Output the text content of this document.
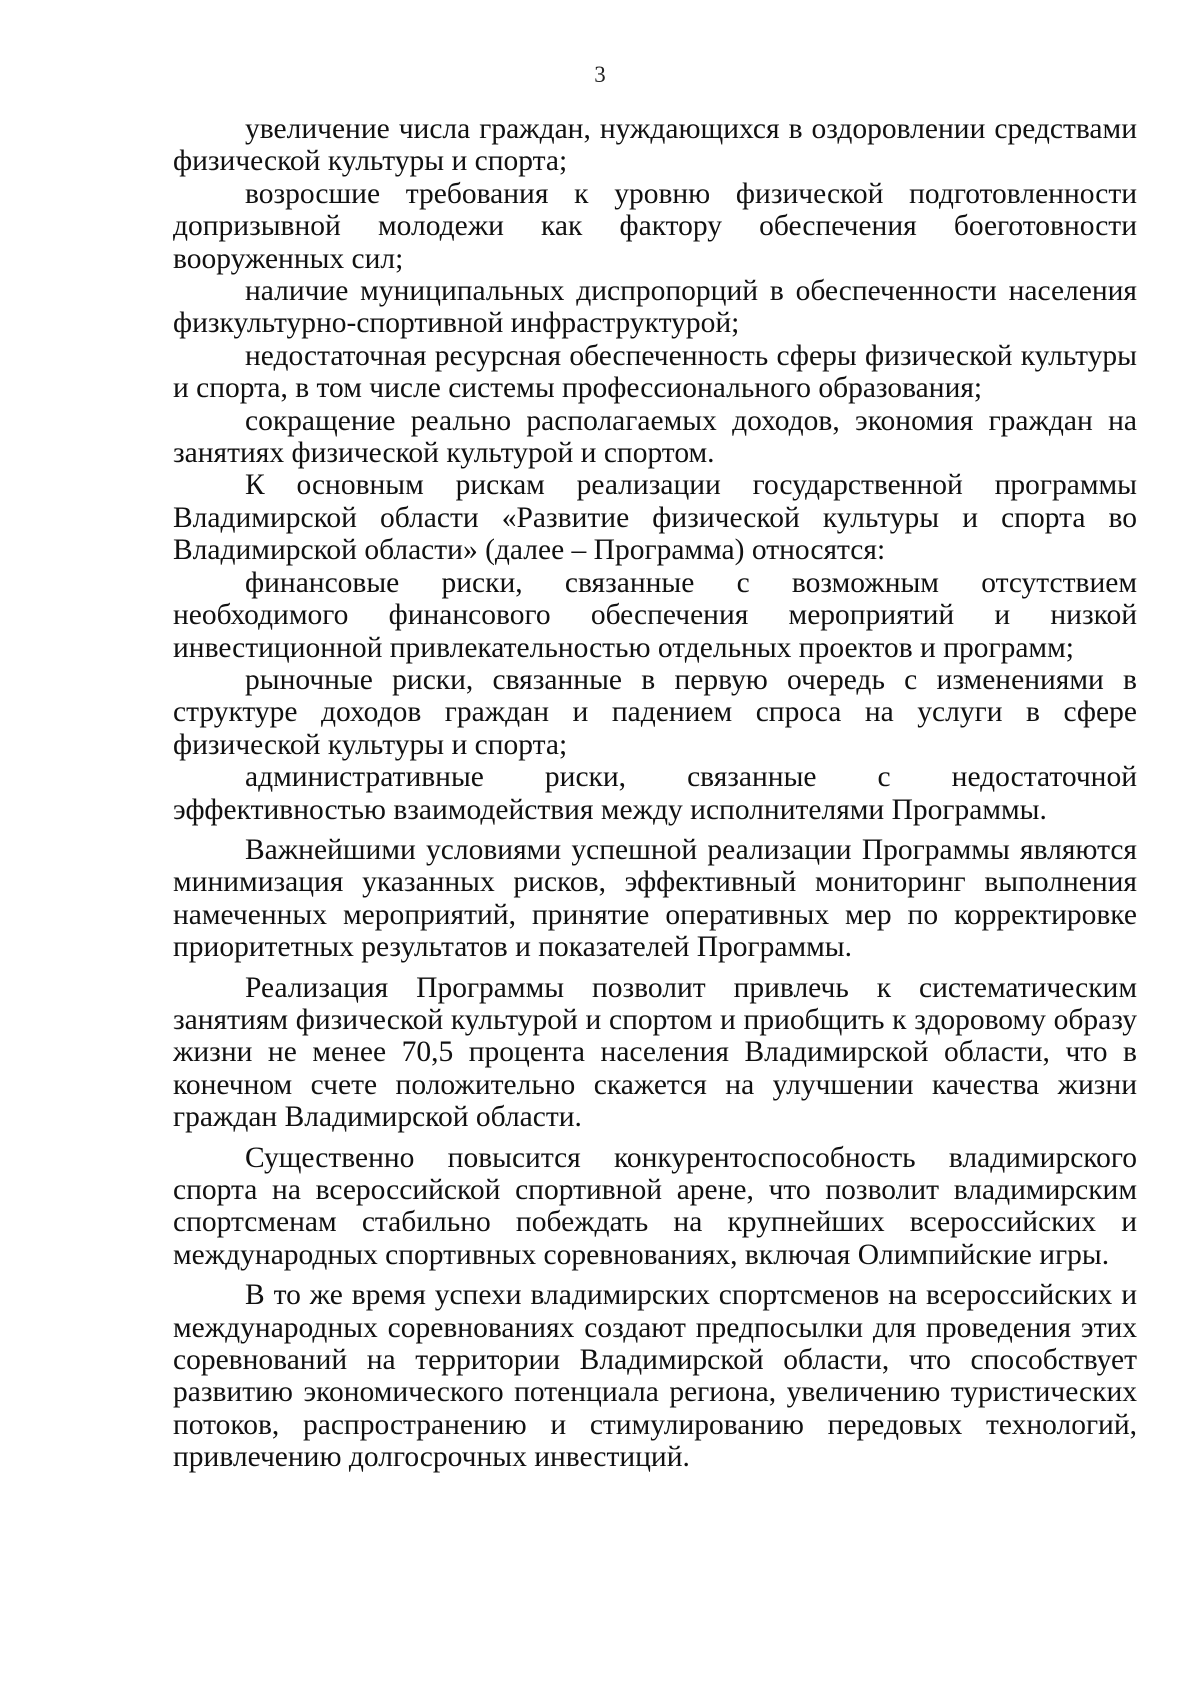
3

увеличение числа граждан, нуждающихся в оздоровлении средствами физической культуры и спорта;

возросшие требования к уровню физической подготовленности допризывной молодежи как фактору обеспечения боеготовности вооруженных сил;

наличие муниципальных диспропорций в обеспеченности населения физкультурно-спортивной инфраструктурой;

недостаточная ресурсная обеспеченность сферы физической культуры и спорта, в том числе системы профессионального образования;

сокращение реально располагаемых доходов, экономия граждан на занятиях физической культурой и спортом.

К основным рискам реализации государственной программы Владимирской области «Развитие физической культуры и спорта во Владимирской области» (далее – Программа) относятся:

финансовые риски, связанные с возможным отсутствием необходимого финансового обеспечения мероприятий и низкой инвестиционной привлекательностью отдельных проектов и программ;

рыночные риски, связанные в первую очередь с изменениями в структуре доходов граждан и падением спроса на услуги в сфере физической культуры и спорта;

административные риски, связанные с недостаточной эффективностью взаимодействия между исполнителями Программы.

Важнейшими условиями успешной реализации Программы являются минимизация указанных рисков, эффективный мониторинг выполнения намеченных мероприятий, принятие оперативных мер по корректировке приоритетных результатов и показателей Программы.

Реализация Программы позволит привлечь к систематическим занятиям физической культурой и спортом и приобщить к здоровому образу жизни не менее 70,5 процента населения Владимирской области, что в конечном счете положительно скажется на улучшении качества жизни граждан Владимирской области.

Существенно повысится конкурентоспособность владимирского спорта на всероссийской спортивной арене, что позволит владимирским спортсменам стабильно побеждать на крупнейших всероссийских и международных спортивных соревнованиях, включая Олимпийские игры.

В то же время успехи владимирских спортсменов на всероссийских и международных соревнованиях создают предпосылки для проведения этих соревнований на территории Владимирской области, что способствует развитию экономического потенциала региона, увеличению туристических потоков, распространению и стимулированию передовых технологий, привлечению долгосрочных инвестиций.
